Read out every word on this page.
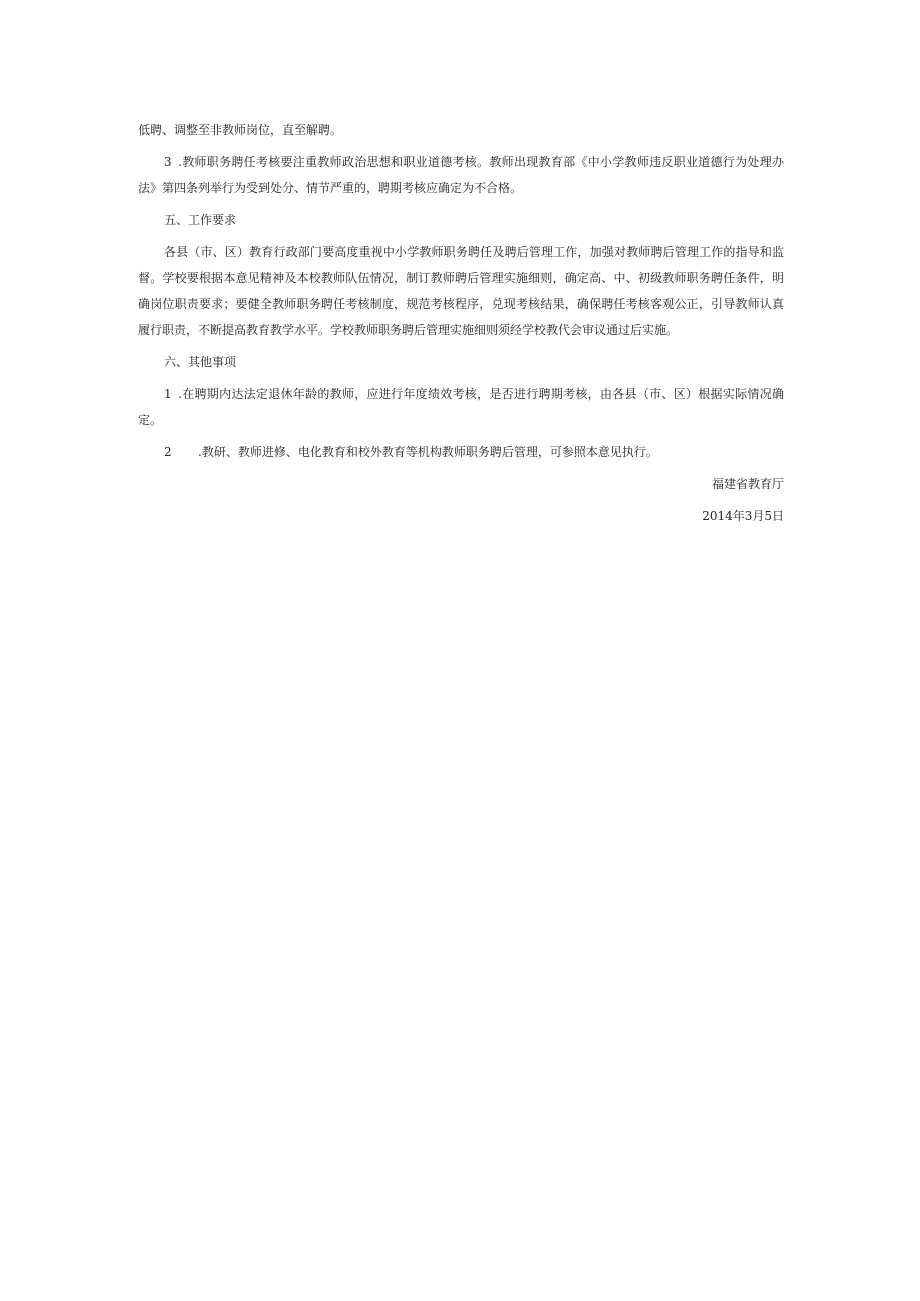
低聘、调整至非教师岗位，直至解聘。

3 .教师职务聘任考核要注重教师政治思想和职业道德考核。教师出现教育部《中小学教师违反职业道德行为处理办法》第四条列举行为受到处分、情节严重的，聘期考核应确定为不合格。

五、工作要求

各县（市、区）教育行政部门要高度重视中小学教师职务聘任及聘后管理工作，加强对教师聘后管理工作的指导和监督。学校要根据本意见精神及本校教师队伍情况，制订教师聘后管理实施细则，确定高、中、初级教师职务聘任条件，明确岗位职责要求；要健全教师职务聘任考核制度，规范考核程序，兑现考核结果，确保聘任考核客观公正，引导教师认真履行职责，不断提高教育教学水平。学校教师职务聘后管理实施细则须经学校教代会审议通过后实施。

六、其他事项

1 .在聘期内达法定退休年龄的教师，应进行年度绩效考核，是否进行聘期考核，由各县（市、区）根据实际情况确定。

2 .教研、教师进修、电化教育和校外教育等机构教师职务聘后管理，可参照本意见执行。

福建省教育厅

2014年3月5日
